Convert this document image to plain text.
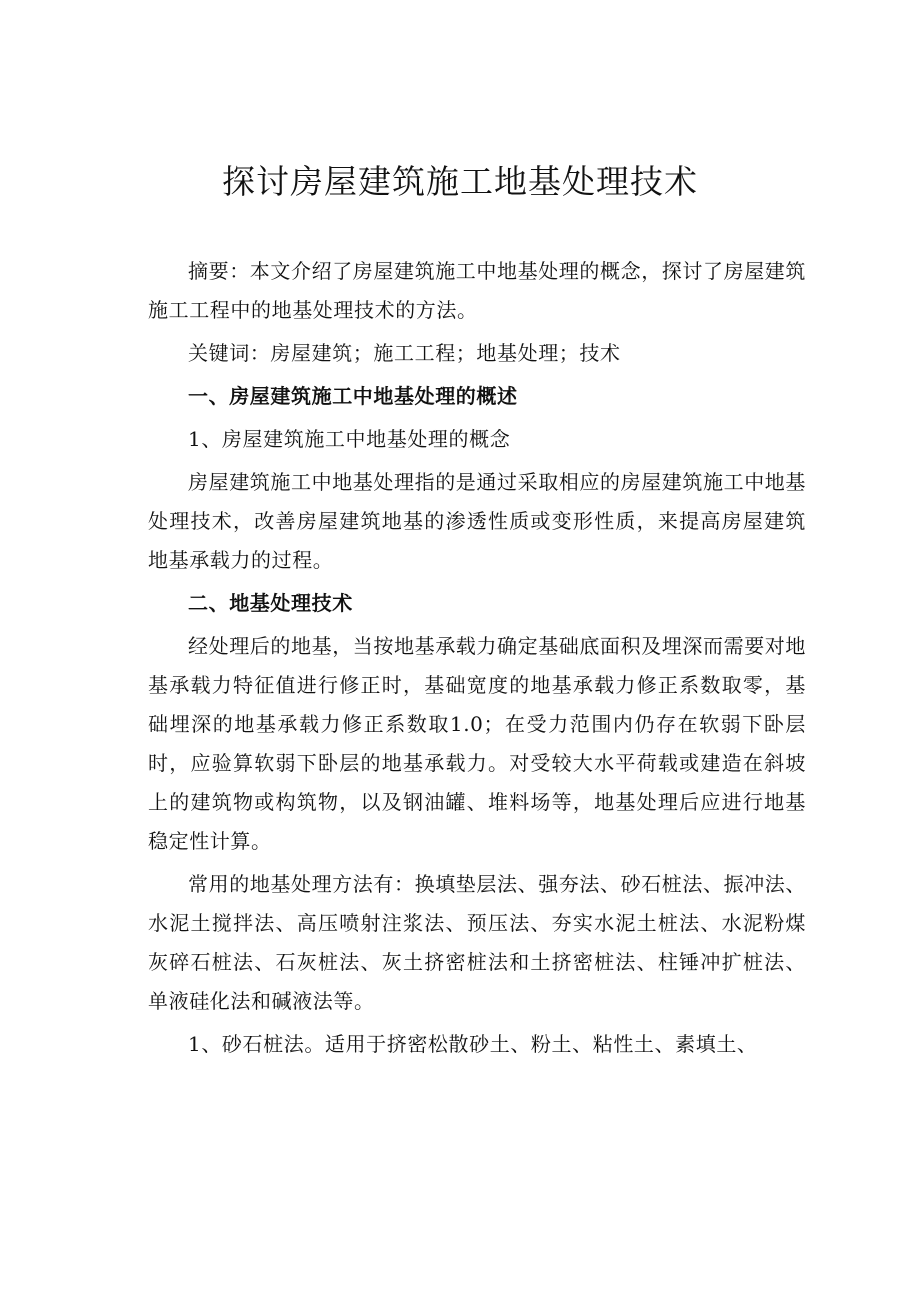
探讨房屋建筑施工地基处理技术

摘要：本文介绍了房屋建筑施工中地基处理的概念，探讨了房屋建筑施工工程中的地基处理技术的方法。

关键词：房屋建筑；施工工程；地基处理；技术

一、房屋建筑施工中地基处理的概述

1、房屋建筑施工中地基处理的概念

房屋建筑施工中地基处理指的是通过采取相应的房屋建筑施工中地基处理技术，改善房屋建筑地基的渗透性质或变形性质，来提高房屋建筑地基承载力的过程。

二、地基处理技术

经处理后的地基，当按地基承载力确定基础底面积及埋深而需要对地基承载力特征值进行修正时，基础宽度的地基承载力修正系数取零，基础埋深的地基承载力修正系数取1.0；在受力范围内仍存在软弱下卧层时，应验算软弱下卧层的地基承载力。对受较大水平荷载或建造在斜坡上的建筑物或构筑物，以及钢油罐、堆料场等，地基处理后应进行地基稳定性计算。

常用的地基处理方法有：换填垫层法、强夯法、砂石桩法、振冲法、水泥土搅拌法、高压喷射注浆法、预压法、夯实水泥土桩法、水泥粉煤灰碎石桩法、石灰桩法、灰土挤密桩法和土挤密桩法、柱锤冲扩桩法、单液硅化法和碱液法等。

1、砂石桩法。适用于挤密松散砂土、粉土、粘性土、素填土、
